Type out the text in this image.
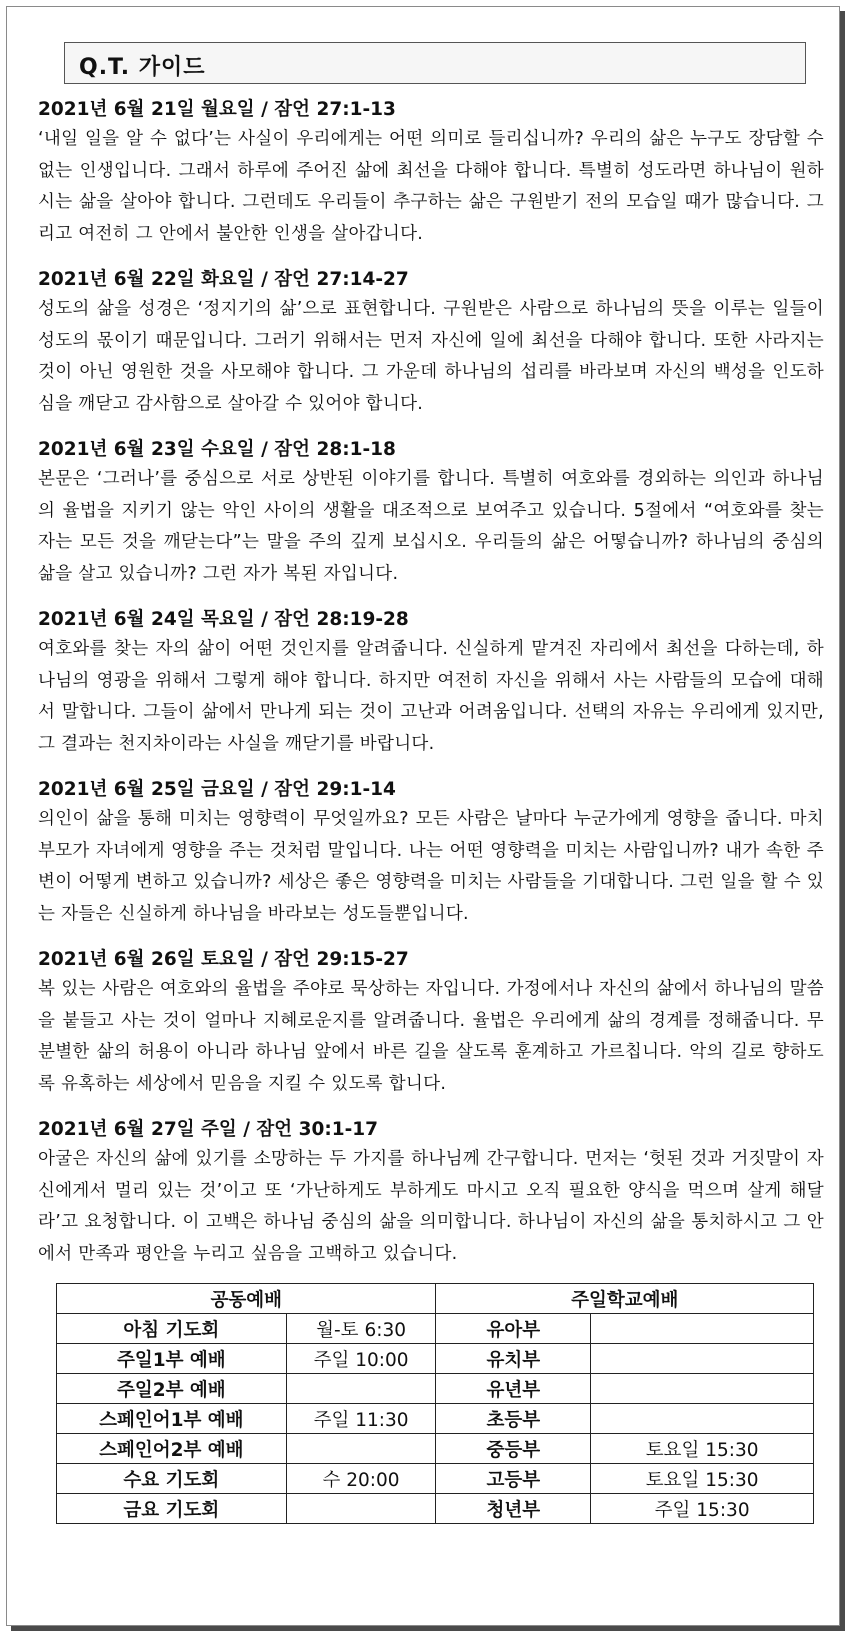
Q.T. 가이드

2021년 6월 21일 월요일 / 잠언 27:1-13

‘내일 일을 알 수 없다’는 사실이 우리에게는 어떤 의미로 들리십니까? 우리의 삶은 누구도 장담할 수 없는 인생입니다. 그래서 하루에 주어진 삶에 최선을 다해야 합니다. 특별히 성도라면 하나님이 원하시는 삶을 살아야 합니다. 그런데도 우리들이 추구하는 삶은 구원받기 전의 모습일 때가 많습니다. 그리고 여전히 그 안에서 불안한 인생을 살아갑니다.

2021년 6월 22일 화요일 / 잠언 27:14-27

성도의 삶을 성경은 ‘정지기의 삶’으로 표현합니다. 구원받은 사람으로 하나님의 뜻을 이루는 일들이 성도의 몫이기 때문입니다. 그러기 위해서는 먼저 자신에 일에 최선을 다해야 합니다. 또한 사라지는 것이 아닌 영원한 것을 사모해야 합니다. 그 가운데 하나님의 섭리를 바라보며 자신의 백성을 인도하심을 깨닫고 감사함으로 살아갈 수 있어야 합니다.

2021년 6월 23일 수요일 / 잠언 28:1-18

본문은 ‘그러나’를 중심으로 서로 상반된 이야기를 합니다. 특별히 여호와를 경외하는 의인과 하나님의 율법을 지키기 않는 악인 사이의 생활을 대조적으로 보여주고 있습니다. 5절에서 “여호와를 찾는 자는 모든 것을 깨닫는다”는 말을 주의 깊게 보십시오. 우리들의 삶은 어떻습니까? 하나님의 중심의 삶을 살고 있습니까? 그런 자가 복된 자입니다.

2021년 6월 24일 목요일 / 잠언 28:19-28

여호와를 찾는 자의 삶이 어떤 것인지를 알려줍니다. 신실하게 맡겨진 자리에서 최선을 다하는데, 하나님의 영광을 위해서 그렇게 해야 합니다. 하지만 여전히 자신을 위해서 사는 사람들의 모습에 대해서 말합니다. 그들이 삶에서 만나게 되는 것이 고난과 어려움입니다. 선택의 자유는 우리에게 있지만, 그 결과는 천지차이라는 사실을 깨닫기를 바랍니다.

2021년 6월 25일 금요일 / 잠언 29:1-14

의인이 삶을 통해 미치는 영향력이 무엇일까요? 모든 사람은 날마다 누군가에게 영향을 줍니다. 마치 부모가 자녀에게 영향을 주는 것처럼 말입니다. 나는 어떤 영향력을 미치는 사람입니까? 내가 속한 주변이 어떻게 변하고 있습니까? 세상은 좋은 영향력을 미치는 사람들을 기대합니다. 그런 일을 할 수 있는 자들은 신실하게 하나님을 바라보는 성도들뿐입니다.

2021년 6월 26일 토요일 / 잠언 29:15-27

복 있는 사람은 여호와의 율법을 주야로 묵상하는 자입니다. 가정에서나 자신의 삶에서 하나님의 말씀을 붙들고 사는 것이 얼마나 지혜로운지를 알려줍니다. 율법은 우리에게 삶의 경계를 정해줍니다. 무분별한 삶의 허용이 아니라 하나님 앞에서 바른 길을 살도록 훈계하고 가르칩니다. 악의 길로 향하도록 유혹하는 세상에서 믿음을 지킬 수 있도록 합니다.

2021년 6월 27일 주일 / 잠언 30:1-17

아굴은 자신의 삶에 있기를 소망하는 두 가지를 하나님께 간구합니다. 먼저는 ‘헛된 것과 거짓말이 자신에게서 멀리 있는 것’이고 또 ‘가난하게도 부하게도 마시고 오직 필요한 양식을 먹으며 살게 해달라’고 요청합니다. 이 고백은 하나님 중심의 삶을 의미합니다. 하나님이 자신의 삶을 통치하시고 그 안에서 만족과 평안을 누리고 싶음을 고백하고 있습니다.

공동예배		주일학교예배	
아침 기도회	월-토 6:30	유아부	
주일1부 예배	주일 10:00	유치부	
주일2부 예배		유년부	
스페인어1부 예배	주일 11:30	초등부	
스페인어2부 예배		중등부	토요일 15:30
수요 기도회	수 20:00	고등부	토요일 15:30
금요 기도회		청년부	주일 15:30
